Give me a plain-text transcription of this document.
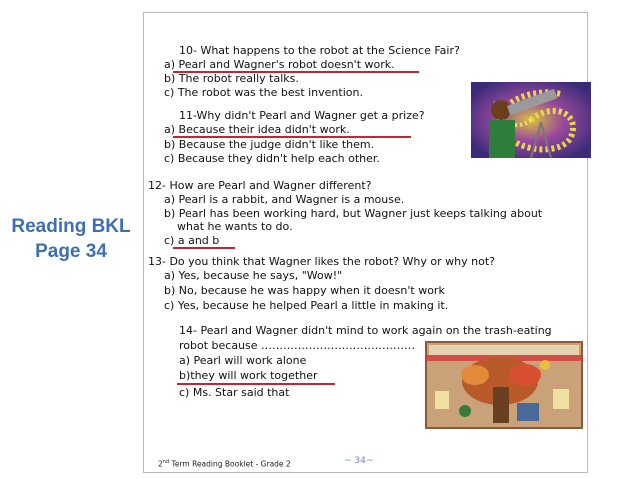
Reading BKL
Page 34
10- What happens to the robot at the Science Fair?
a) Pearl and Wagner's robot doesn't work.
b) The robot really talks.
c) The robot was the best invention.
11-Why didn't Pearl and Wagner get a prize?
a) Because their idea didn't work.
b) Because the judge didn't like them.
c) Because they didn't help each other.
12- How are Pearl and Wagner different?
a) Pearl is a rabbit, and Wagner is a mouse.
b) Pearl has been working hard, but Wagner just keeps talking about
what he wants to do.
c) a and b
13- Do you think that Wagner likes the robot? Why or why not?
a) Yes, because he says, "Wow!"
b) No, because he was happy when it doesn't work
c) Yes, because he helped Pearl a little in making it.
14- Pearl and Wagner didn't mind to work again on the trash-eating
robot because ……………………………………
a) Pearl will work alone
b)they will work together
c) Ms. Star said that
2nd Term Reading Booklet - Grade 2	~ 34~
